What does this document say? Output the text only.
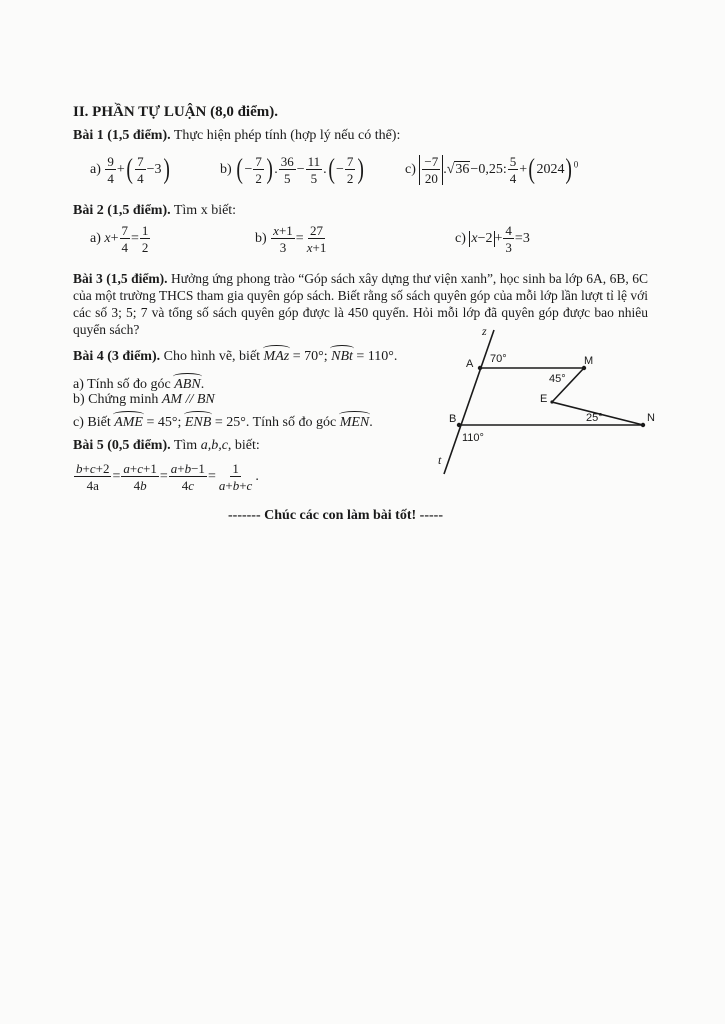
II. PHẦN TỰ LUẬN (8,0 điểm).
Bài 1 (1,5 điểm). Thực hiện phép tính (hợp lý nếu có thể):
$a) \frac{9}{4}$ +( $\frac{7}{4} -3$)	b) (− $\frac{7}{2}$ ). $\frac{36}{5} - \frac{11}{5}$ .(− $\frac{7}{2}$ )	$c) \frac{-7}{20} .√36-0,25$: $\frac{5}{4} +(2024)^0$
Bài 2 (1,5 điểm). Tìm x biết:
a) $x+ \frac{7}{4} = \frac{1}{2}$	$b) \frac{x+1}{3} = \frac{27}{x+1}$	c) $x-2 + \frac{4}{3} =3$
Bài 3 (1,5 điểm). Hưởng ứng phong trào “Góp sách xây dựng thư viện xanh”, học sinh ba lớp 6A, 6B, 6C của một trường THCS tham gia quyên góp sách. Biết rằng số sách quyên góp của mỗi lớp lần lượt tỉ lệ với các số 3; 5; 7 và tổng số sách quyên góp được là 450 quyển. Hỏi mỗi lớp đã quyên góp được bao nhiêu quyển sách?
Bài 4 (3 điểm). Cho hình vẽ, biết MAz = 70°; NBt = 110°.
a) Tính số đo góc ABN.
b) Chứng minh AM // BN
c) Biết AME = 45°; ENB = 25°. Tính số đo góc MEN.
Bài 5 (0,5 điểm). Tìm a,b,c, biết:
$\frac{b+c+2}{4a} = \frac{a+c+1}{4b} = \frac{a+b-1}{4c} = \frac{1}{a+b+c}$ .
z
t
A
B
M
E
N
70°
45°
25°
110°
------- Chúc các con làm bài tốt! -----
